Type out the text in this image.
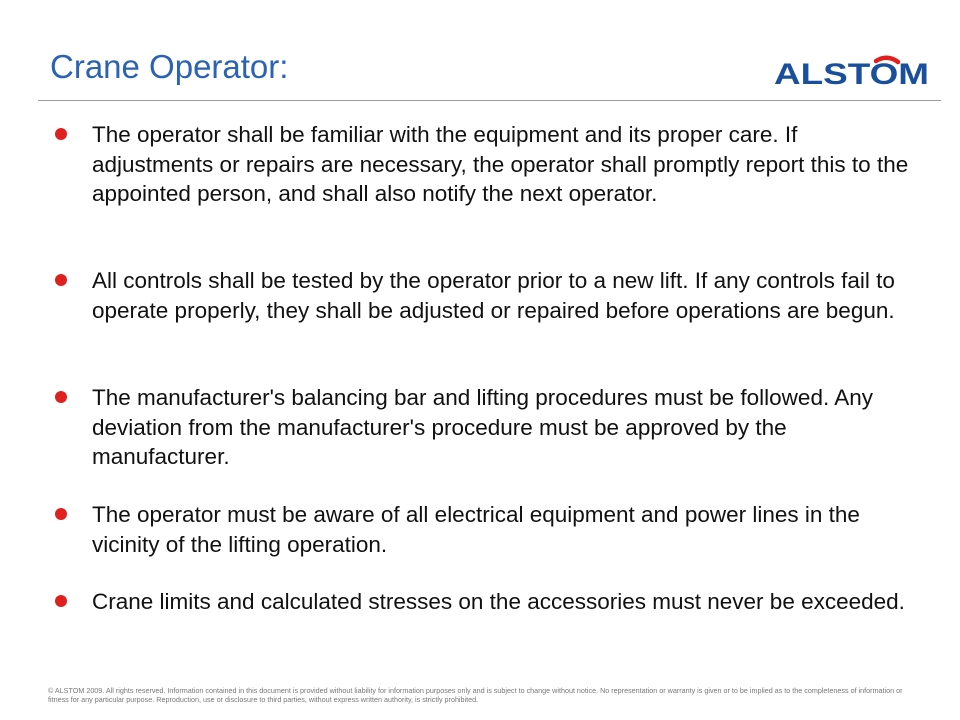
Crane Operator:	ALSTOM
The operator shall be familiar with the equipment and its proper care. If adjustments or repairs are necessary, the operator shall promptly report this to the appointed person, and shall also notify the next operator.
All controls shall be tested by the operator prior to a new lift. If any controls fail to operate properly, they shall be adjusted or repaired before operations are begun.
The manufacturer's balancing bar and lifting procedures must be followed. Any deviation from the manufacturer's procedure must be approved by the manufacturer.
The operator must be aware of all electrical equipment and power lines in the vicinity of the lifting operation.
Crane limits and calculated stresses on the accessories must never be exceeded.

© ALSTOM 2009. All rights reserved. Information contained in this document is provided without liability for information purposes only and is subject to change without notice. No representation or warranty is given or to be implied as to the completeness of information or fitness for any particular purpose. Reproduction, use or disclosure to third parties, without express written authority, is strictly prohibited.
